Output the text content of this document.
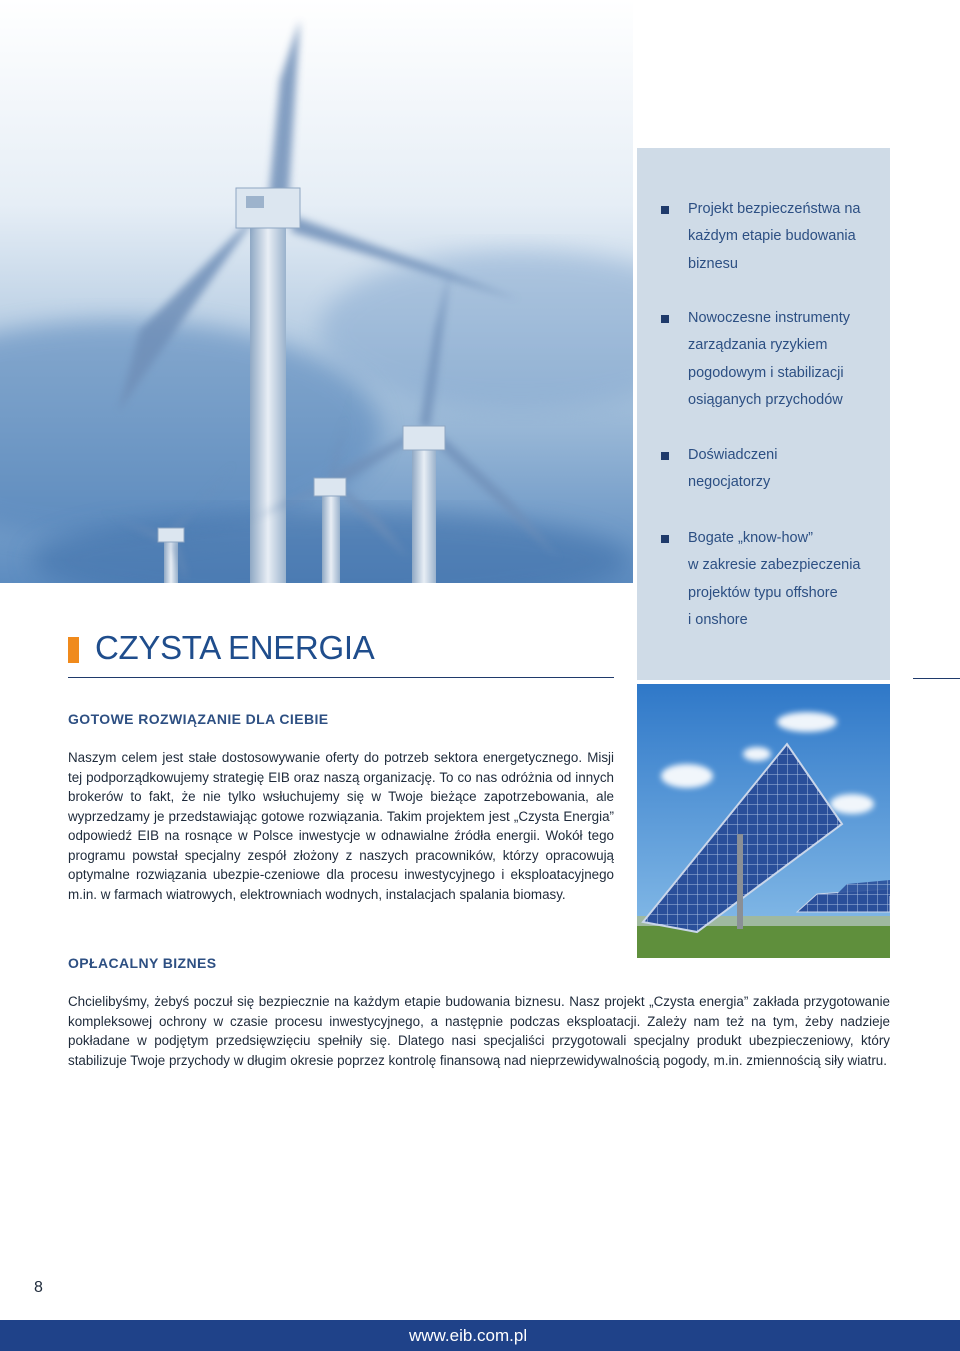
Projekt bezpieczeństwa na
każdym etapie budowania
biznesu
Nowoczesne instrumenty
zarządzania ryzykiem
pogodowym i stabilizacji
osiąganych przychodów
Doświadczeni
negocjatorzy
Bogate „know-how”
w zakresie zabezpieczenia
projektów typu offshore
i onshore
CZYSTA ENERGIA
GOTOWE ROZWIĄZANIE DLA CIEBIE
Naszym celem jest stałe dostosowywanie oferty do potrzeb sektora energetycznego. Misji tej podporządkowujemy strategię EIB oraz naszą organizację. To co nas odróżnia od innych brokerów to fakt, że nie tylko wsłuchujemy się w Twoje bieżące zapotrzebowania, ale wyprzedzamy je przedstawiając gotowe rozwiązania. Takim projektem jest „Czysta Energia” odpowiedź EIB na rosnące w Polsce inwestycje w odnawialne źródła energii. Wokół tego programu powstał specjalny zespół złożony z naszych pracowników, którzy opracowują optymalne rozwiązania ubezpie-czeniowe dla procesu inwestycyjnego i eksploatacyjnego m.in. w farmach wiatrowych, elektrowniach wodnych, instalacjach spalania biomasy.
OPŁACALNY BIZNES
Chcielibyśmy, żebyś poczuł się bezpiecznie na każdym etapie budowania biznesu. Nasz projekt „Czysta energia” zakłada przygotowanie kompleksowej ochrony w czasie procesu inwestycyjnego, a następnie podczas eksploatacji. Zależy nam też na tym, żeby nadzieje pokładane w podjętym przedsięwzięciu spełniły się. Dlatego nasi specjaliści przygotowali specjalny produkt ubezpieczeniowy, który stabilizuje Twoje przychody w długim okresie poprzez kontrolę finansową nad nieprzewidywalnością pogody, m.in. zmiennością siły wiatru.
8
www.eib.com.pl
